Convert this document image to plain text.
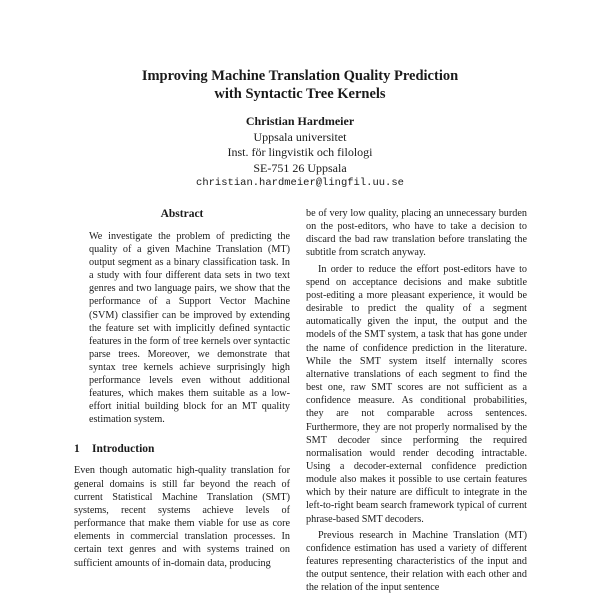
Improving Machine Translation Quality Prediction
with Syntactic Tree Kernels
Christian Hardmeier
Uppsala universitet
Inst. för lingvistik och filologi
SE-751 26 Uppsala
christian.hardmeier@lingfil.uu.se
Abstract

We investigate the problem of predicting the quality of a given Machine Translation (MT) output segment as a binary classification task. In a study with four different data sets in two text genres and two language pairs, we show that the performance of a Support Vector Machine (SVM) classifier can be improved by extending the feature set with implicitly defined syntactic features in the form of tree kernels over syntactic parse trees. Moreover, we demonstrate that syntax tree kernels achieve surprisingly high performance levels even without additional features, which makes them suitable as a low-effort initial building block for an MT quality estimation system.

1 Introduction

Even though automatic high-quality translation for general domains is still far beyond the reach of current Statistical Machine Translation (SMT) systems, recent systems achieve levels of performance that make them viable for use as core elements in commercial translation processes. In certain text genres and with systems trained on sufficient amounts of in-domain data, producing

be of very low quality, placing an unnecessary burden on the post-editors, who have to take a decision to discard the bad raw translation before translating the subtitle from scratch anyway.

In order to reduce the effort post-editors have to spend on acceptance decisions and make subtitle post-editing a more pleasant experience, it would be desirable to predict the quality of a segment automatically given the input, the output and the models of the SMT system, a task that has gone under the name of confidence prediction in the literature. While the SMT system itself internally scores alternative translations of each segment to find the best one, raw SMT scores are not sufficient as a confidence measure. As conditional probabilities, they are not comparable across sentences. Furthermore, they are not properly normalised by the SMT decoder since performing the required normalisation would render decoding intractable. Using a decoder-external confidence prediction module also makes it possible to use certain features which by their nature are difficult to integrate in the left-to-right beam search framework typical of current phrase-based SMT decoders.

Previous research in Machine Translation (MT) confidence estimation has used a variety of different features representing characteristics of the input and the output sentence, their relation with each other and the relation of the input sentence
